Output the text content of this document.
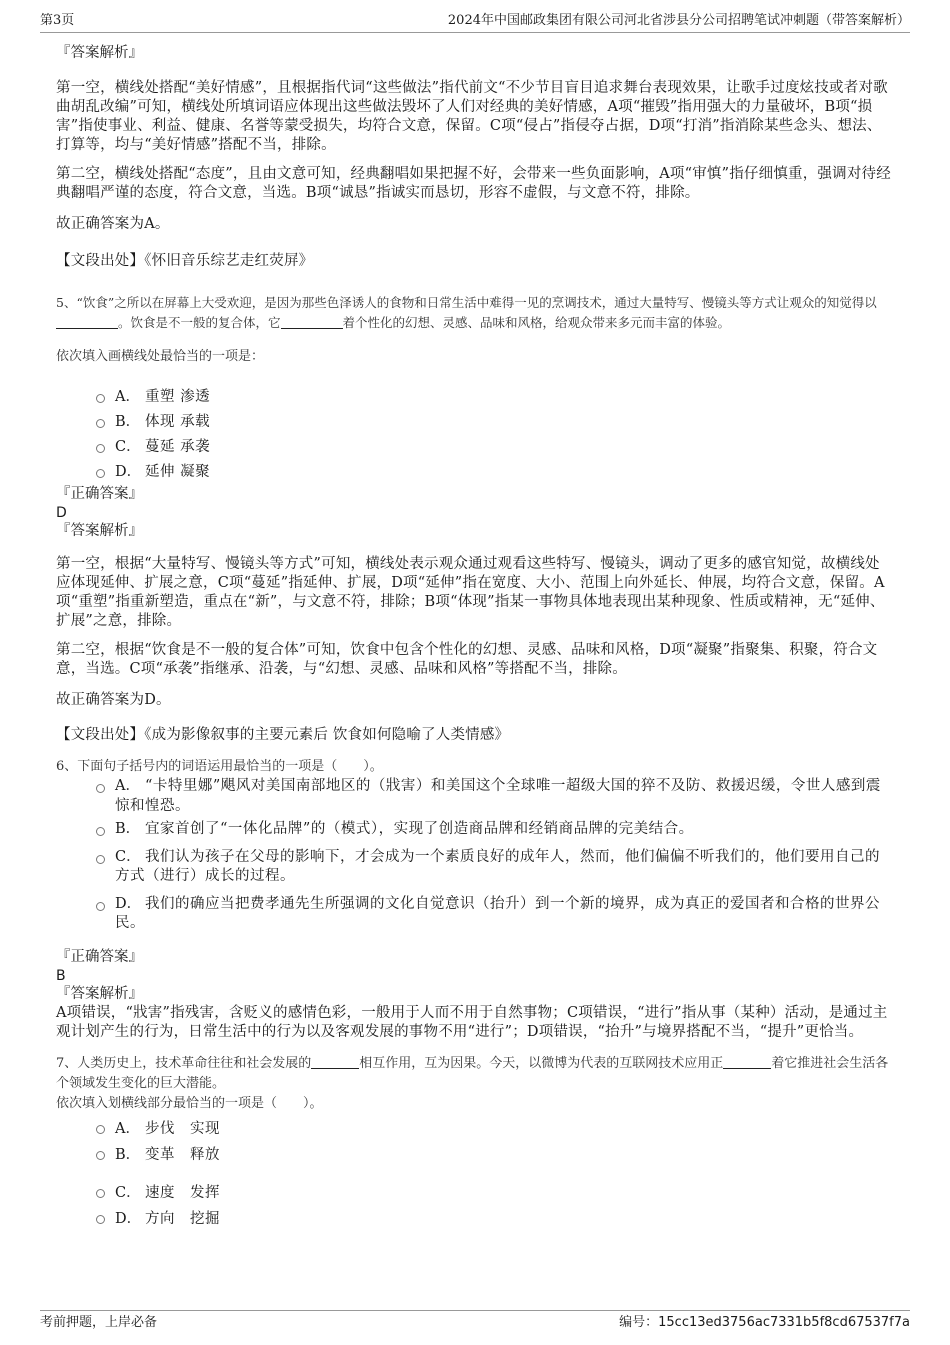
第3页	2024年中国邮政集团有限公司河北省涉县分公司招聘笔试冲刺题（带答案解析）

『答案解析』

第一空，横线处搭配“美好情感”，且根据指代词“这些做法”指代前文“不少节目盲目追求舞台表现效果，让歌手过度炫技或者对歌曲胡乱改编”可知，横线处所填词语应体现出这些做法毁坏了人们对经典的美好情感，A项“摧毁”指用强大的力量破坏，B项“损害”指使事业、利益、健康、名誉等蒙受损失，均符合文意，保留。C项“侵占”指侵夺占据，D项“打消”指消除某些念头、想法、打算等，均与“美好情感”搭配不当，排除。

第二空，横线处搭配“态度”，且由文意可知，经典翻唱如果把握不好，会带来一些负面影响，A项“审慎”指仔细慎重，强调对待经典翻唱严谨的态度，符合文意，当选。B项“诚恳”指诚实而恳切，形容不虚假，与文意不符，排除。

故正确答案为A。

【文段出处】《怀旧音乐综艺走红荧屏》

5、“饮食”之所以在屏幕上大受欢迎，是因为那些色泽诱人的食物和日常生活中难得一见的烹调技术，通过大量特写、慢镜头等方式让观众的知觉得以。饮食是不一般的复合体，它	着个性化的幻想、灵感、品味和风格，给观众带来多元而丰富的体验。

依次填入画横线处最恰当的一项是：

A． 重塑 渗透
B． 体现 承载
C． 蔓延 承袭
D． 延伸 凝聚

『正确答案』

D

『答案解析』

第一空，根据“大量特写、慢镜头等方式”可知，横线处表示观众通过观看这些特写、慢镜头，调动了更多的感官知觉，故横线处应体现延伸、扩展之意，C项“蔓延”指延伸、扩展，D项“延伸”指在宽度、大小、范围上向外延长、伸展，均符合文意，保留。A项“重塑”指重新塑造，重点在“新”，与文意不符，排除；B项“体现”指某一事物具体地表现出某种现象、性质或精神，无“延伸、扩展”之意，排除。

第二空，根据“饮食是不一般的复合体”可知，饮食中包含个性化的幻想、灵感、品味和风格，D项“凝聚”指聚集、积聚，符合文意，当选。C项“承袭”指继承、沿袭，与“幻想、灵感、品味和风格”等搭配不当，排除。

故正确答案为D。

【文段出处】《成为影像叙事的主要元素后 饮食如何隐喻了人类情感》

6、下面句子括号内的词语运用最恰当的一项是（　　）。

A． “卡特里娜”飓风对美国南部地区的（戕害）和美国这个全球唯一超级大国的猝不及防、救援迟缓，令世人感到震惊和惶恐。
B． 宜家首创了“一体化品牌”的（模式），实现了创造商品牌和经销商品牌的完美结合。
C． 我们认为孩子在父母的影响下，才会成为一个素质良好的成年人，然而，他们偏偏不听我们的，他们要用自己的方式（进行）成长的过程。
D． 我们的确应当把费孝通先生所强调的文化自觉意识（抬升）到一个新的境界，成为真正的爱国者和合格的世界公民。

『正确答案』

B

『答案解析』

A项错误，“戕害”指残害，含贬义的感情色彩，一般用于人而不用于自然事物；C项错误，“进行”指从事（某种）活动，是通过主观计划产生的行为，日常生活中的行为以及客观发展的事物不用“进行”；D项错误，“抬升”与境界搭配不当，“提升”更恰当。

7、人类历史上，技术革命往往和社会发展的	相互作用，互为因果。今天，以微博为代表的互联网技术应用正	着它推进社会生活各个领域发生变化的巨大潜能。

依次填入划横线部分最恰当的一项是（　　）。

A． 步伐　实现
B． 变革　释放
C． 速度　发挥
D． 方向　挖掘
考前押题，上岸必备	编号：15cc13ed3756ac7331b5f8cd67537f7a
